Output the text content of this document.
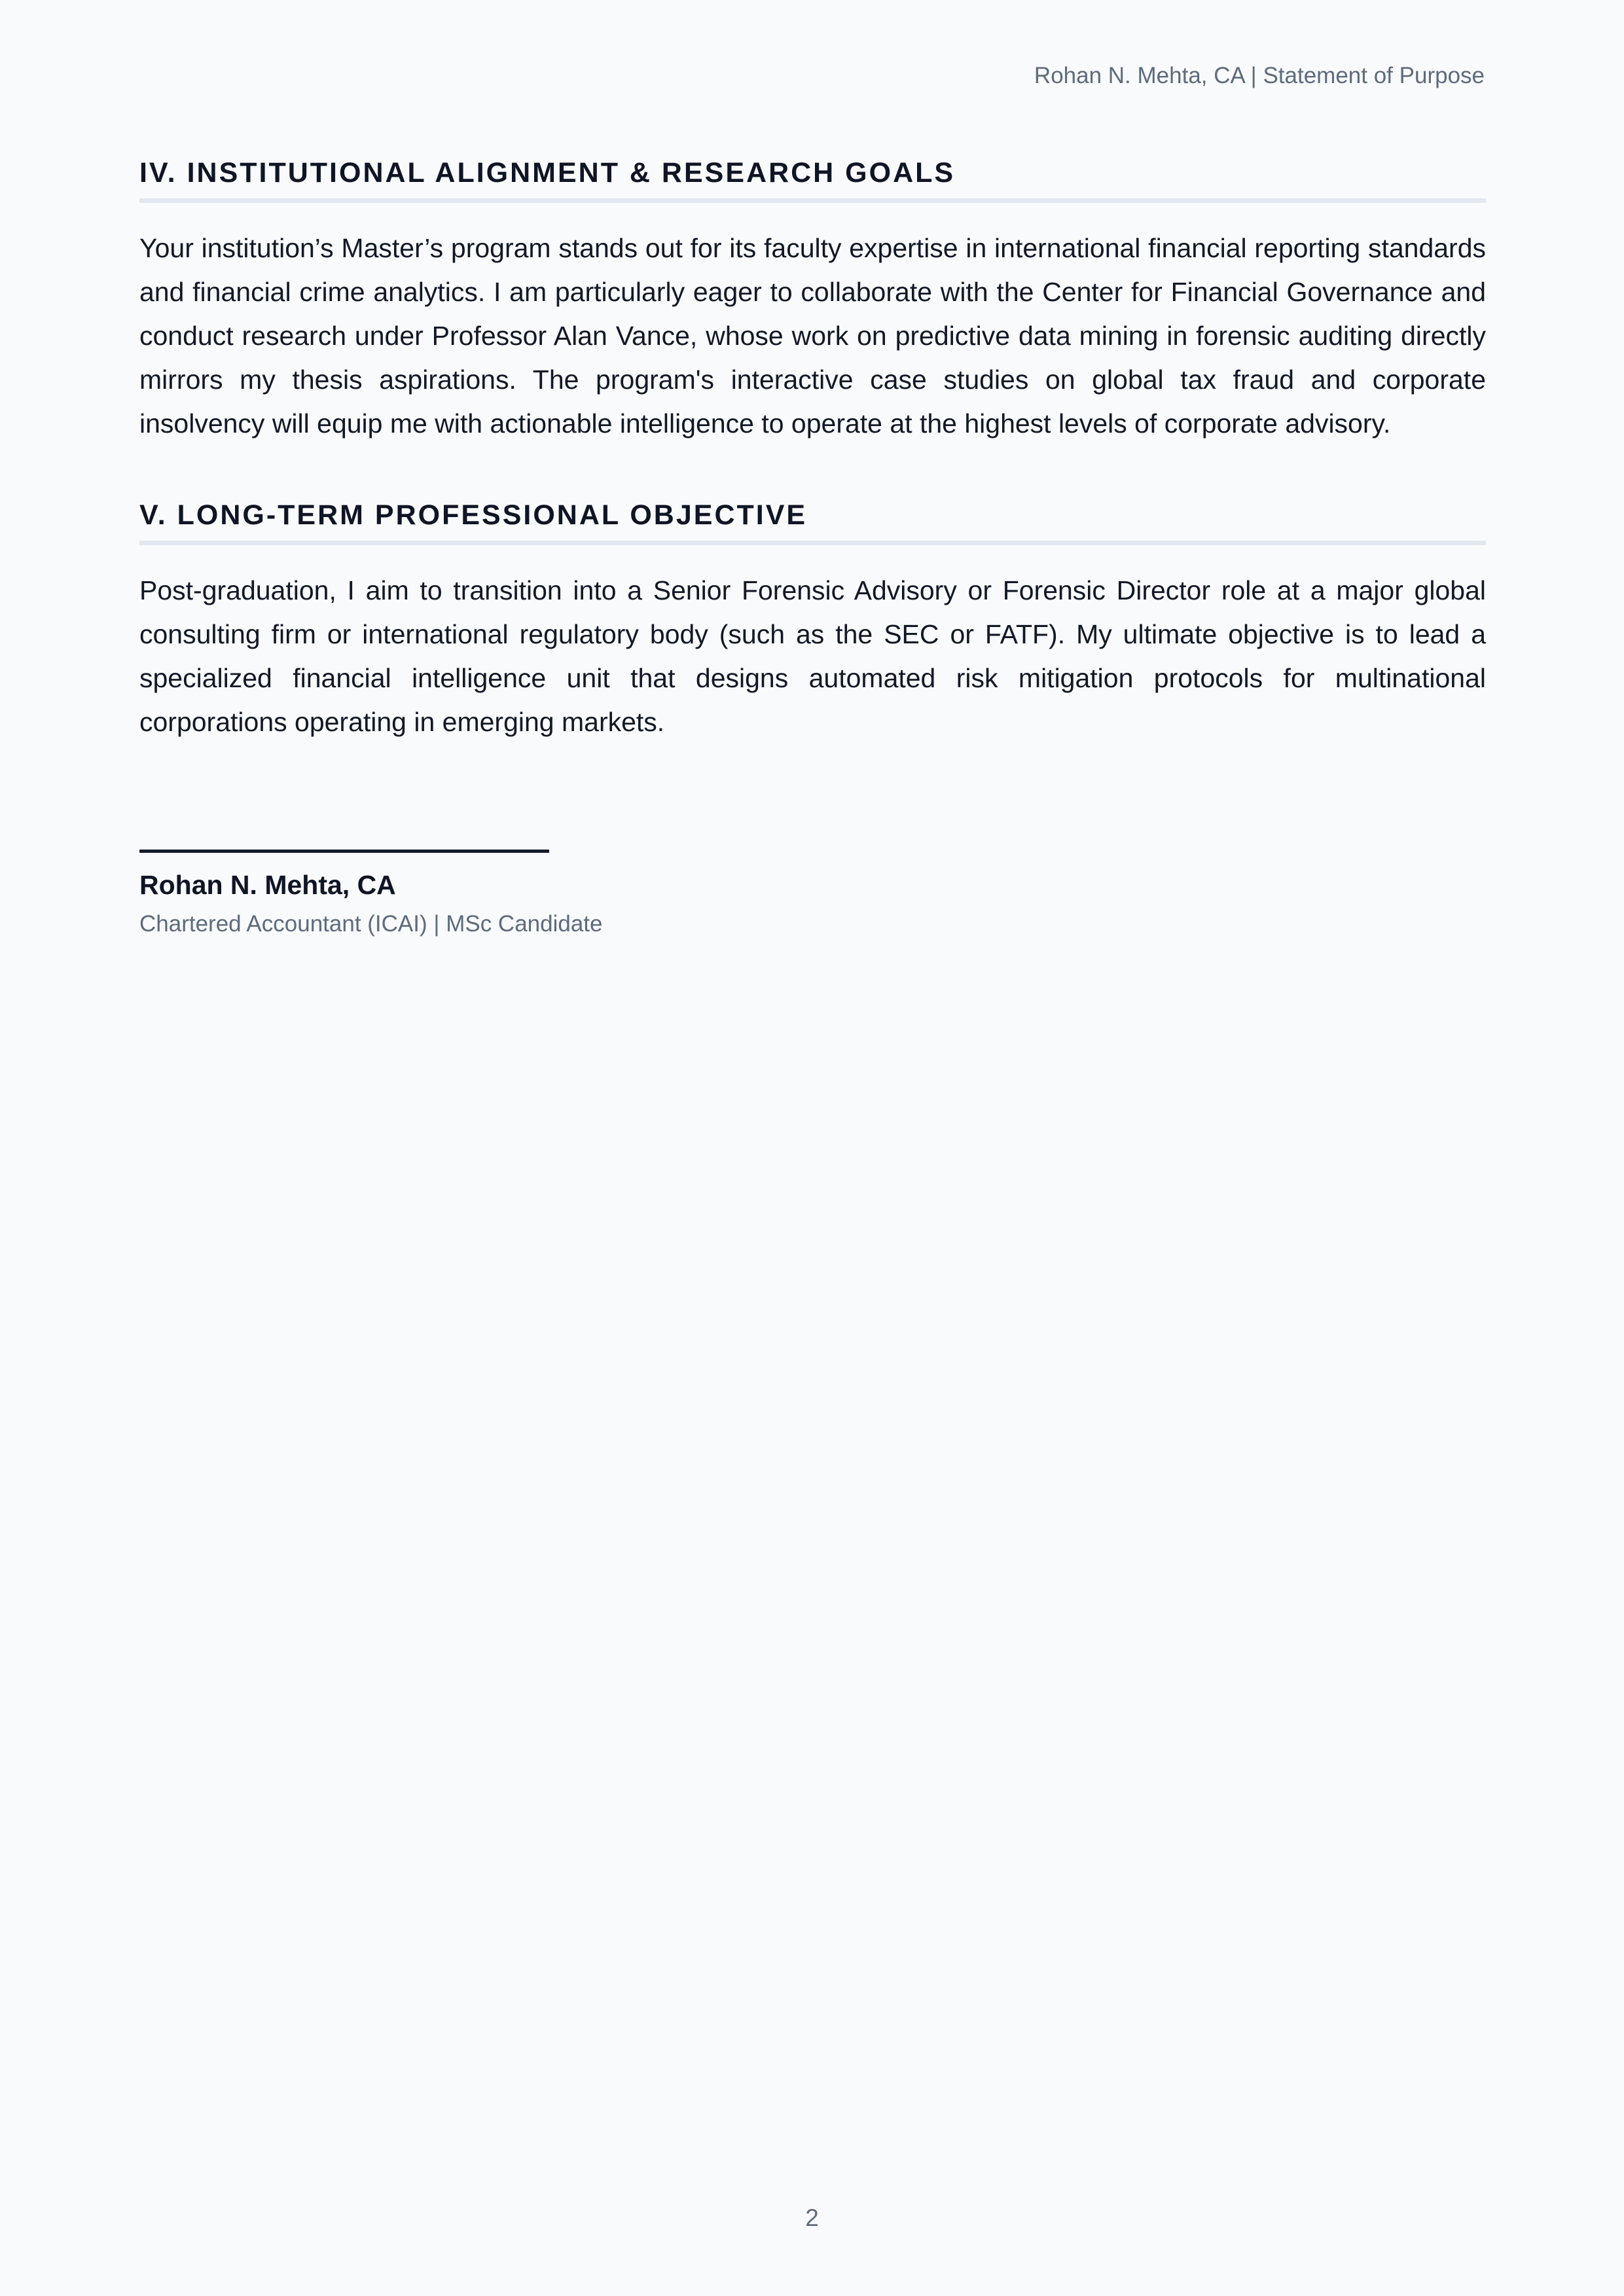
Rohan N. Mehta, CA | Statement of Purpose
IV. INSTITUTIONAL ALIGNMENT & RESEARCH GOALS

Your institution’s Master’s program stands out for its faculty expertise in international financial reporting standards and financial crime analytics. I am particularly eager to collaborate with the Center for Financial Governance and conduct research under Professor Alan Vance, whose work on predictive data mining in forensic auditing directly mirrors my thesis aspirations. The program's interactive case studies on global tax fraud and corporate insolvency will equip me with actionable intelligence to operate at the highest levels of corporate advisory.

V. LONG-TERM PROFESSIONAL OBJECTIVE

Post-graduation, I aim to transition into a Senior Forensic Advisory or Forensic Director role at a major global consulting firm or international regulatory body (such as the SEC or FATF). My ultimate objective is to lead a specialized financial intelligence unit that designs automated risk mitigation protocols for multinational corporations operating in emerging markets.

Rohan N. Mehta, CA
Chartered Accountant (ICAI) | MSc Candidate
2
